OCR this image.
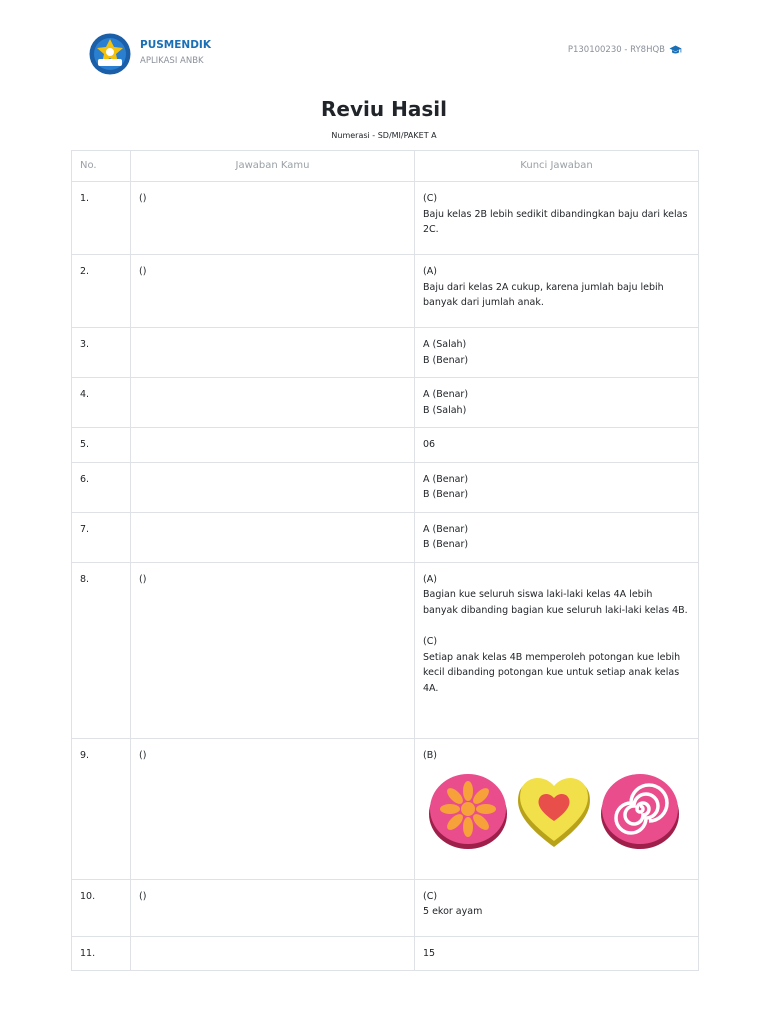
PUSMENDIK
APLIKASI ANBK
P130100230 - RY8HQB
Reviu Hasil
Numerasi - SD/MI/PAKET A
No.	Jawaban Kamu	Kunci Jawaban
1.	()	(C)
Baju kelas 2B lebih sedikit dibandingkan baju dari kelas 2C.

2.	()	(A)
Baju dari kelas 2A cukup, karena jumlah baju lebih banyak dari jumlah anak.

3.		A (Salah)
B (Benar)

4.		A (Benar)
B (Salah)

5.		06

6.		A (Benar)
B (Benar)

7.		A (Benar)
B (Benar)

8.	()	(A)
Bagian kue seluruh siswa laki-laki kelas 4A lebih banyak dibanding bagian kue seluruh laki-laki kelas 4B.
(C)
Setiap anak kelas 4B memperoleh potongan kue lebih kecil dibanding potongan kue untuk setiap anak kelas 4A.

9.	()	(B)

10.	()	(C)
5 ekor ayam

11.		15
